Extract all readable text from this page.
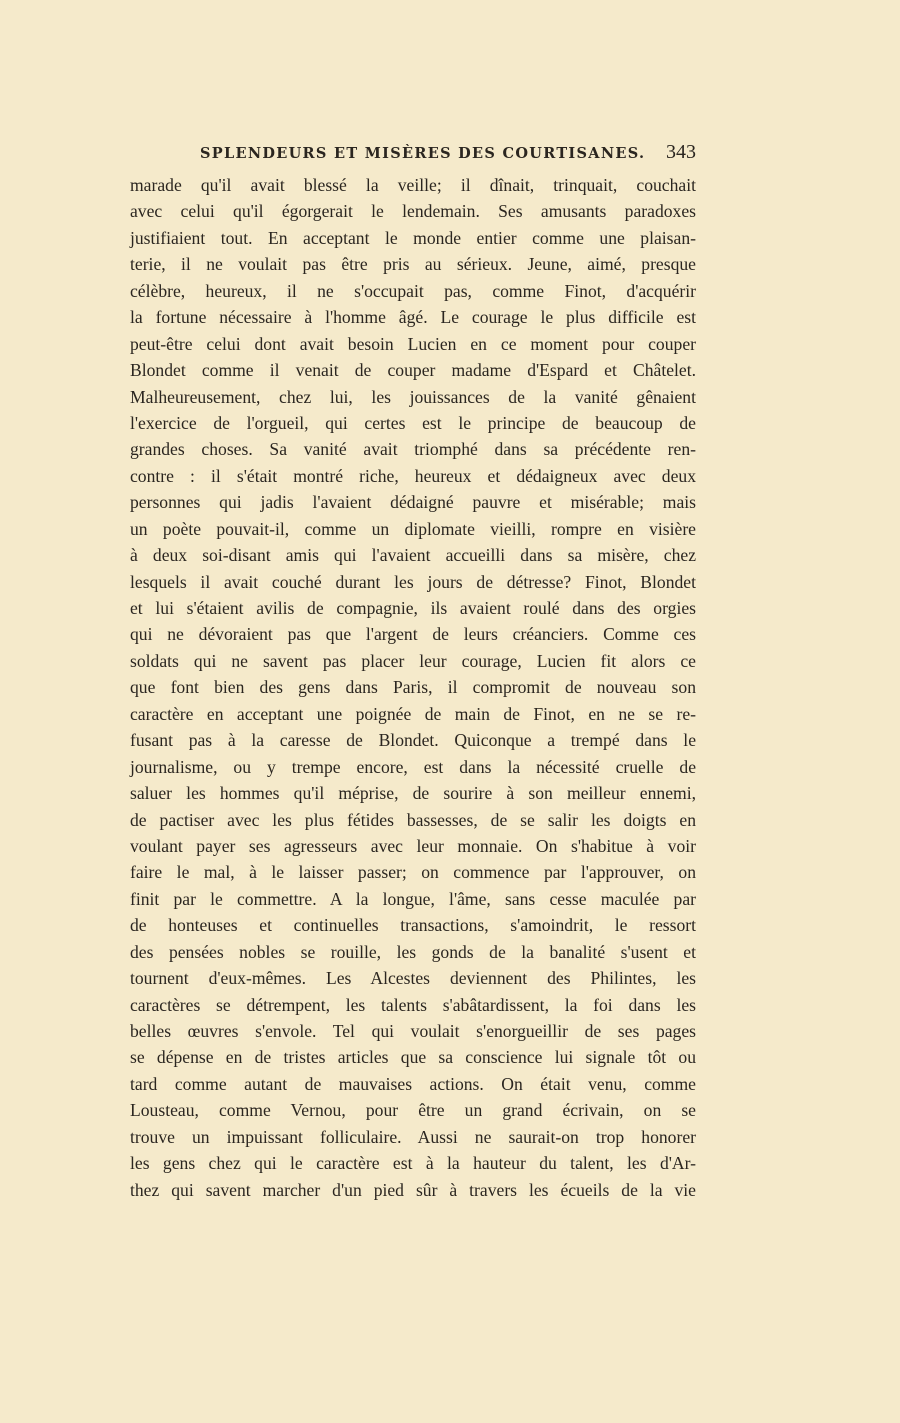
SPLENDEURS ET MISÈRES DES COURTISANES. 343
marade qu'il avait blessé la veille; il dînait, trinquait, couchait
avec celui qu'il égorgerait le lendemain. Ses amusants paradoxes
justifiaient tout. En acceptant le monde entier comme une plaisan-
terie, il ne voulait pas être pris au sérieux. Jeune, aimé, presque
célèbre, heureux, il ne s'occupait pas, comme Finot, d'acquérir
la fortune nécessaire à l'homme âgé. Le courage le plus difficile est
peut-être celui dont avait besoin Lucien en ce moment pour couper
Blondet comme il venait de couper madame d'Espard et Châtelet.
Malheureusement, chez lui, les jouissances de la vanité gênaient
l'exercice de l'orgueil, qui certes est le principe de beaucoup de
grandes choses. Sa vanité avait triomphé dans sa précédente ren-
contre : il s'était montré riche, heureux et dédaigneux avec deux
personnes qui jadis l'avaient dédaigné pauvre et misérable; mais
un poète pouvait-il, comme un diplomate vieilli, rompre en visière
à deux soi-disant amis qui l'avaient accueilli dans sa misère, chez
lesquels il avait couché durant les jours de détresse? Finot, Blondet
et lui s'étaient avilis de compagnie, ils avaient roulé dans des orgies
qui ne dévoraient pas que l'argent de leurs créanciers. Comme ces
soldats qui ne savent pas placer leur courage, Lucien fit alors ce
que font bien des gens dans Paris, il compromit de nouveau son
caractère en acceptant une poignée de main de Finot, en ne se re-
fusant pas à la caresse de Blondet. Quiconque a trempé dans le
journalisme, ou y trempe encore, est dans la nécessité cruelle de
saluer les hommes qu'il méprise, de sourire à son meilleur ennemi,
de pactiser avec les plus fétides bassesses, de se salir les doigts en
voulant payer ses agresseurs avec leur monnaie. On s'habitue à voir
faire le mal, à le laisser passer; on commence par l'approuver, on
finit par le commettre. A la longue, l'âme, sans cesse maculée par
de honteuses et continuelles transactions, s'amoindrit, le ressort
des pensées nobles se rouille, les gonds de la banalité s'usent et
tournent d'eux-mêmes. Les Alcestes deviennent des Philintes, les
caractères se détrempent, les talents s'abâtardissent, la foi dans les
belles œuvres s'envole. Tel qui voulait s'enorgueillir de ses pages
se dépense en de tristes articles que sa conscience lui signale tôt ou
tard comme autant de mauvaises actions. On était venu, comme
Lousteau, comme Vernou, pour être un grand écrivain, on se
trouve un impuissant folliculaire. Aussi ne saurait-on trop honorer
les gens chez qui le caractère est à la hauteur du talent, les d'Ar-
thez qui savent marcher d'un pied sûr à travers les écueils de la vie
